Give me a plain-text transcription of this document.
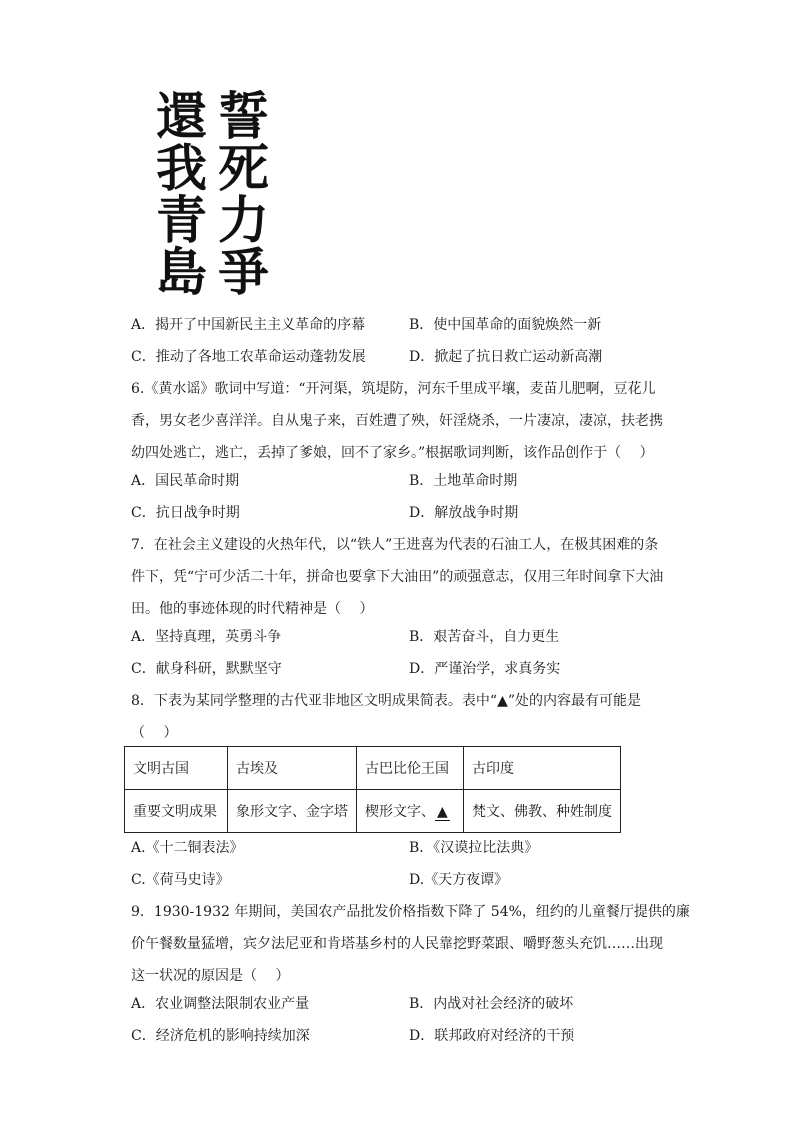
誓
死
力
爭
還
我
青
島
A．揭开了中国新民主主义革命的序幕	B．使中国革命的面貌焕然一新
C．推动了各地工农革命运动蓬勃发展	D．掀起了抗日救亡运动新高潮
6.《黄水谣》歌词中写道：“开河渠，筑堤防，河东千里成平壤，麦苗儿肥啊，豆花儿
香，男女老少喜洋洋。自从鬼子来，百姓遭了殃，奸淫烧杀，一片凄凉，凄凉，扶老携
幼四处逃亡，逃亡，丢掉了爹娘，回不了家乡。”根据歌词判断，该作品创作于（　 ）
A．国民革命时期	B．土地革命时期
C．抗日战争时期	D．解放战争时期
7．在社会主义建设的火热年代，以“铁人”王进喜为代表的石油工人，在极其困难的条
件下，凭“宁可少活二十年，拼命也要拿下大油田”的顽强意志，仅用三年时间拿下大油
田。他的事迹体现的时代精神是（　 ）
A．坚持真理，英勇斗争	B．艰苦奋斗，自力更生
C．献身科研，默默坚守	D．严谨治学，求真务实
8．下表为某同学整理的古代亚非地区文明成果简表。表中“▲”处的内容最有可能是
（　 ）
文明古国	古埃及	古巴比伦王国	古印度
重要文明成果	象形文字、金字塔	楔形文字、 ▲	梵文、佛教、种姓制度
A.《十二铜表法》	B．《汉谟拉比法典》
C.《荷马史诗》	D.《天方夜谭》
9．1930-1932 年期间，美国农产品批发价格指数下降了 54%，纽约的儿童餐厅提供的廉
价午餐数量猛增，宾夕法尼亚和肯塔基乡村的人民靠挖野菜跟、嚼野葱头充饥……出现
这一状况的原因是（　 ）
A．农业调整法限制农业产量	B．内战对社会经济的破坏
C．经济危机的影响持续加深	D．联邦政府对经济的干预
